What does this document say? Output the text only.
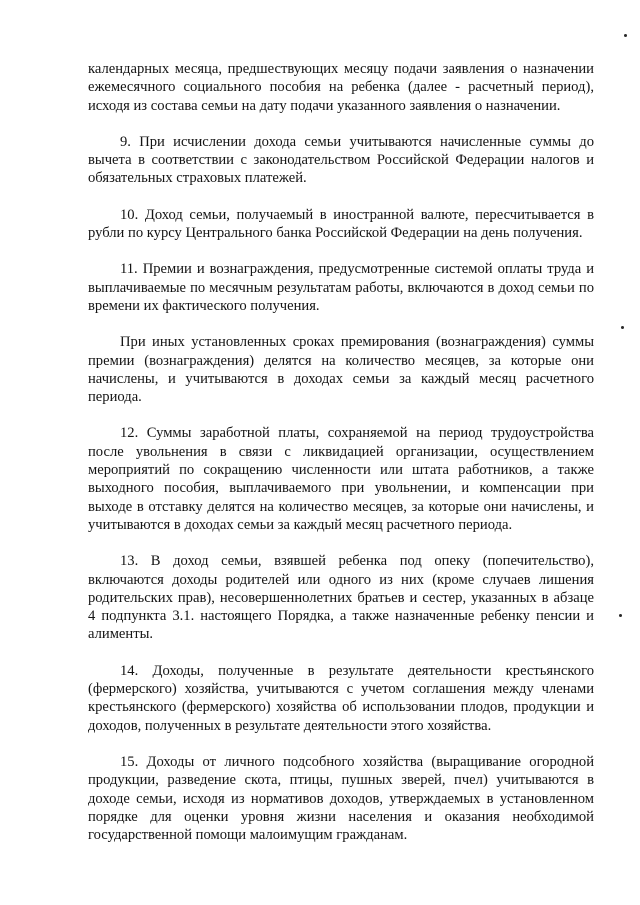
календарных месяца, предшествующих месяцу подачи заявления о назначении ежемесячного социального пособия на ребенка (далее - расчетный период), исходя из состава семьи на дату подачи указанного заявления о назначении.

9. При исчислении дохода семьи учитываются начисленные суммы до вычета в соответствии с законодательством Российской Федерации налогов и обязательных страховых платежей.

10. Доход семьи, получаемый в иностранной валюте, пересчитывается в рубли по курсу Центрального банка Российской Федерации на день получения.

11. Премии и вознаграждения, предусмотренные системой оплаты труда и выплачиваемые по месячным результатам работы, включаются в доход семьи по времени их фактического получения.

При иных установленных сроках премирования (вознаграждения) суммы премии (вознаграждения) делятся на количество месяцев, за которые они начислены, и учитываются в доходах семьи за каждый месяц расчетного периода.

12. Суммы заработной платы, сохраняемой на период трудоустройства после увольнения в связи с ликвидацией организации, осуществлением мероприятий по сокращению численности или штата работников, а также выходного пособия, выплачиваемого при увольнении, и компенсации при выходе в отставку делятся на количество месяцев, за которые они начислены, и учитываются в доходах семьи за каждый месяц расчетного периода.

13. В доход семьи, взявшей ребенка под опеку (попечительство), включаются доходы родителей или одного из них (кроме случаев лишения родительских прав), несовершеннолетних братьев и сестер, указанных в абзаце 4 подпункта 3.1. настоящего Порядка, а также назначенные ребенку пенсии и алименты.

14. Доходы, полученные в результате деятельности крестьянского (фермерского) хозяйства, учитываются с учетом соглашения между членами крестьянского (фермерского) хозяйства об использовании плодов, продукции и доходов, полученных в результате деятельности этого хозяйства.

15. Доходы от личного подсобного хозяйства (выращивание огородной продукции, разведение скота, птицы, пушных зверей, пчел) учитываются в доходе семьи, исходя из нормативов доходов, утверждаемых в установленном порядке для оценки уровня жизни населения и оказания необходимой государственной помощи малоимущим гражданам.
